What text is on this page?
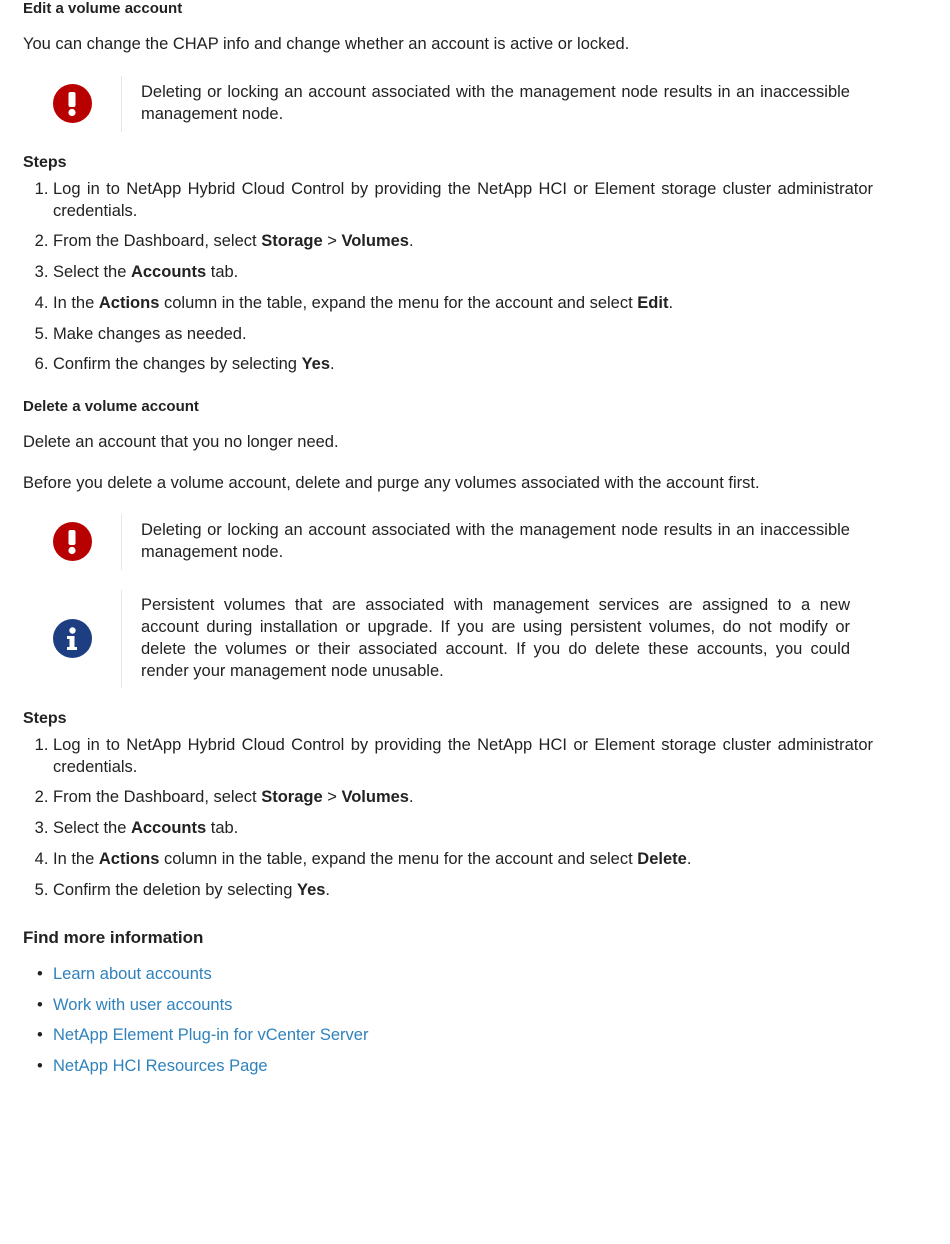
Edit a volume account

You can change the CHAP info and change whether an account is active or locked.

Deleting or locking an account associated with the management node results in an inaccessible management node.

Steps

1. Log in to NetApp Hybrid Cloud Control by providing the NetApp HCI or Element storage cluster administrator credentials.
2. From the Dashboard, select Storage > Volumes.
3. Select the Accounts tab.
4. In the Actions column in the table, expand the menu for the account and select Edit.
5. Make changes as needed.
6. Confirm the changes by selecting Yes.
Delete a volume account

Delete an account that you no longer need.

Before you delete a volume account, delete and purge any volumes associated with the account first.

Deleting or locking an account associated with the management node results in an inaccessible management node.
Persistent volumes that are associated with management services are assigned to a new account during installation or upgrade. If you are using persistent volumes, do not modify or delete the volumes or their associated account. If you do delete these accounts, you could render your management node unusable.

Steps

1. Log in to NetApp Hybrid Cloud Control by providing the NetApp HCI or Element storage cluster administrator credentials.
2. From the Dashboard, select Storage > Volumes.
3. Select the Accounts tab.
4. In the Actions column in the table, expand the menu for the account and select Delete.
5. Confirm the deletion by selecting Yes.
Find more information
• Learn about accounts
• Work with user accounts
• NetApp Element Plug-in for vCenter Server
• NetApp HCI Resources Page
